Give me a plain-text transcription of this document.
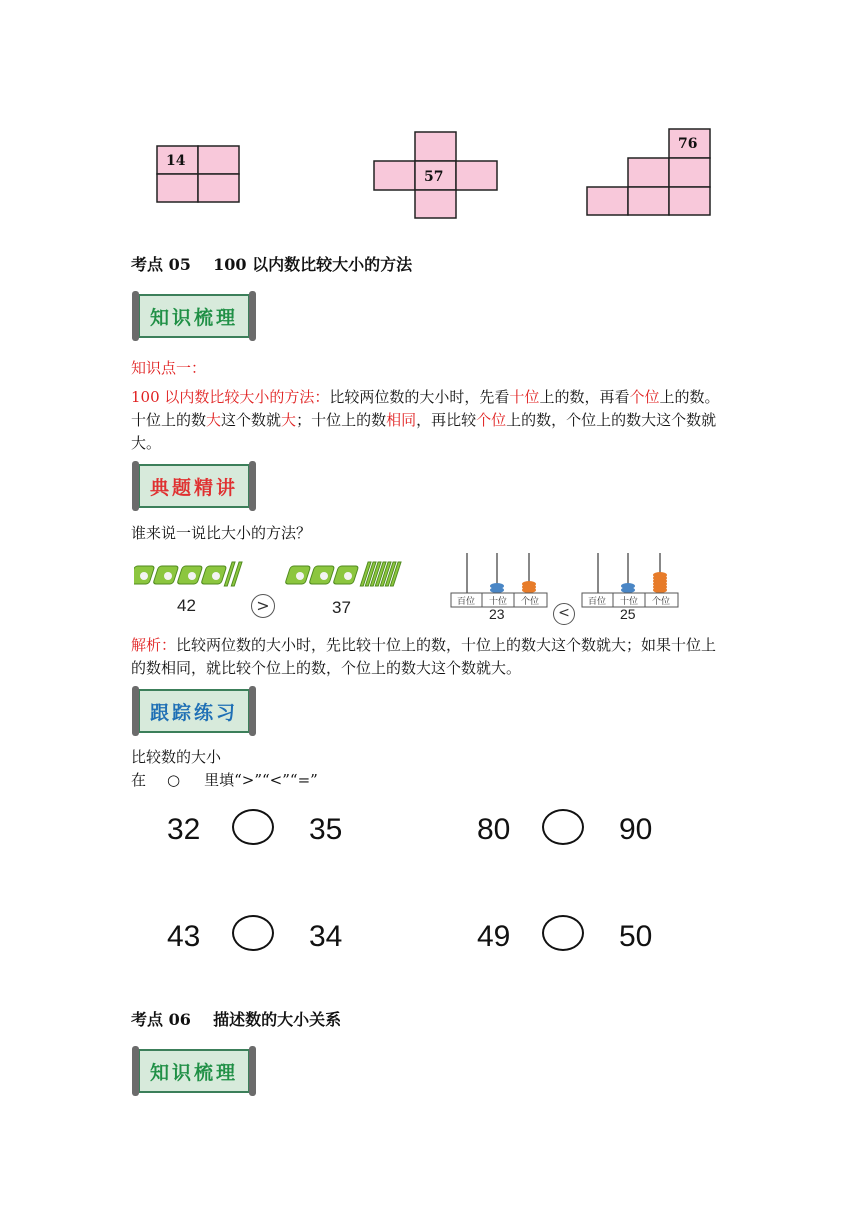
14
57
76
考点 05    100 以内数比较大小的方法
知识梳理
知识点一：
100 以内数比较大小的方法：比较两位数的大小时，先看十位上的数，再看个位上的数。十位上的数大这个数就大；十位上的数相同，再比较个位上的数，个位上的数大这个数就大。
典题精讲
谁来说一说比大小的方法？
42	>	37	百位 十位 个位
23	<
百位 十位 个位
25
解析：比较两位数的大小时，先比较十位上的数，十位上的数大这个数就大；如果十位上的数相同，就比较个位上的数，个位上的数大这个数就大。
跟踪练习
比较数的大小
在 ○ 里填“>”“<”“=”
32	35	80	90
43	34	49	50
考点 06    描述数的大小关系
知识梳理
